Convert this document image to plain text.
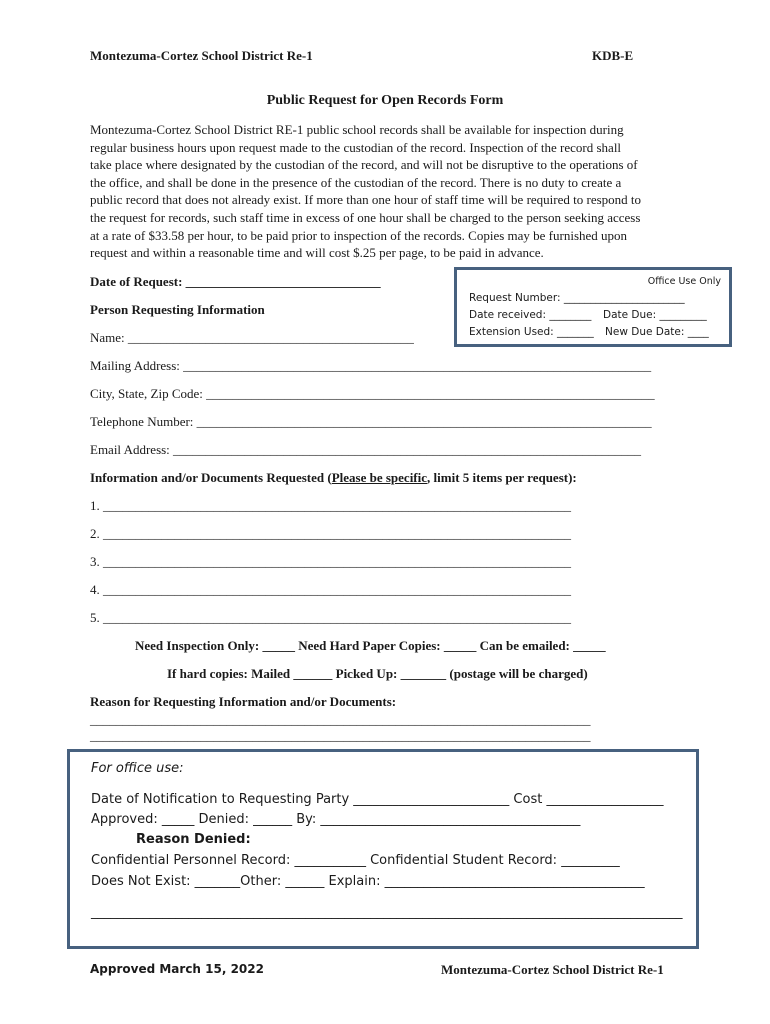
Montezuma-Cortez School District Re-1	KDB-E
Public Request for Open Records Form
Montezuma-Cortez School District RE-1 public school records shall be available for inspection during
regular business hours upon request made to the custodian of the record. Inspection of the record shall
take place where designated by the custodian of the record, and will not be disruptive to the operations of
the office, and shall be done in the presence of the custodian of the record. There is no duty to create a
public record that does not already exist. If more than one hour of staff time will be required to respond to
the request for records, such staff time in excess of one hour shall be charged to the person seeking access
at a rate of $33.58 per hour, to be paid prior to inspection of the records. Copies may be furnished upon
request and within a reasonable time and will cost $.25 per page, to be paid in advance.
Date of Request: ______________________________
Person Requesting Information
Name: ____________________________________________
Office Use Only
Request Number: _______________________
Date received: ________ Date Due: _________
Extension Used: _______ New Due Date: ____
Mailing Address: ________________________________________________________________________
City, State, Zip Code: _____________________________________________________________________
Telephone Number: ______________________________________________________________________
Email Address: ________________________________________________________________________
Information and/or Documents Requested (Please be specific, limit 5 items per request):
1. ________________________________________________________________________
2. ________________________________________________________________________
3. ________________________________________________________________________
4. ________________________________________________________________________
5. ________________________________________________________________________
Need Inspection Only: _____ Need Hard Paper Copies: _____ Can be emailed: _____
If hard copies: Mailed ______ Picked Up: _______ (postage will be charged)
Reason for Requesting Information and/or Documents:
_____________________________________________________________________________
_____________________________________________________________________________
For office use:
Date of Notification to Requesting Party ________________________ Cost __________________
Approved: _____ Denied: ______ By: ________________________________________
Reason Denied:
Confidential Personnel Record: ___________ Confidential Student Record: _________
Does Not Exist: _______Other: ______ Explain: ________________________________________
___________________________________________________________________________________________
Approved March 15, 2022	Montezuma-Cortez School District Re-1
